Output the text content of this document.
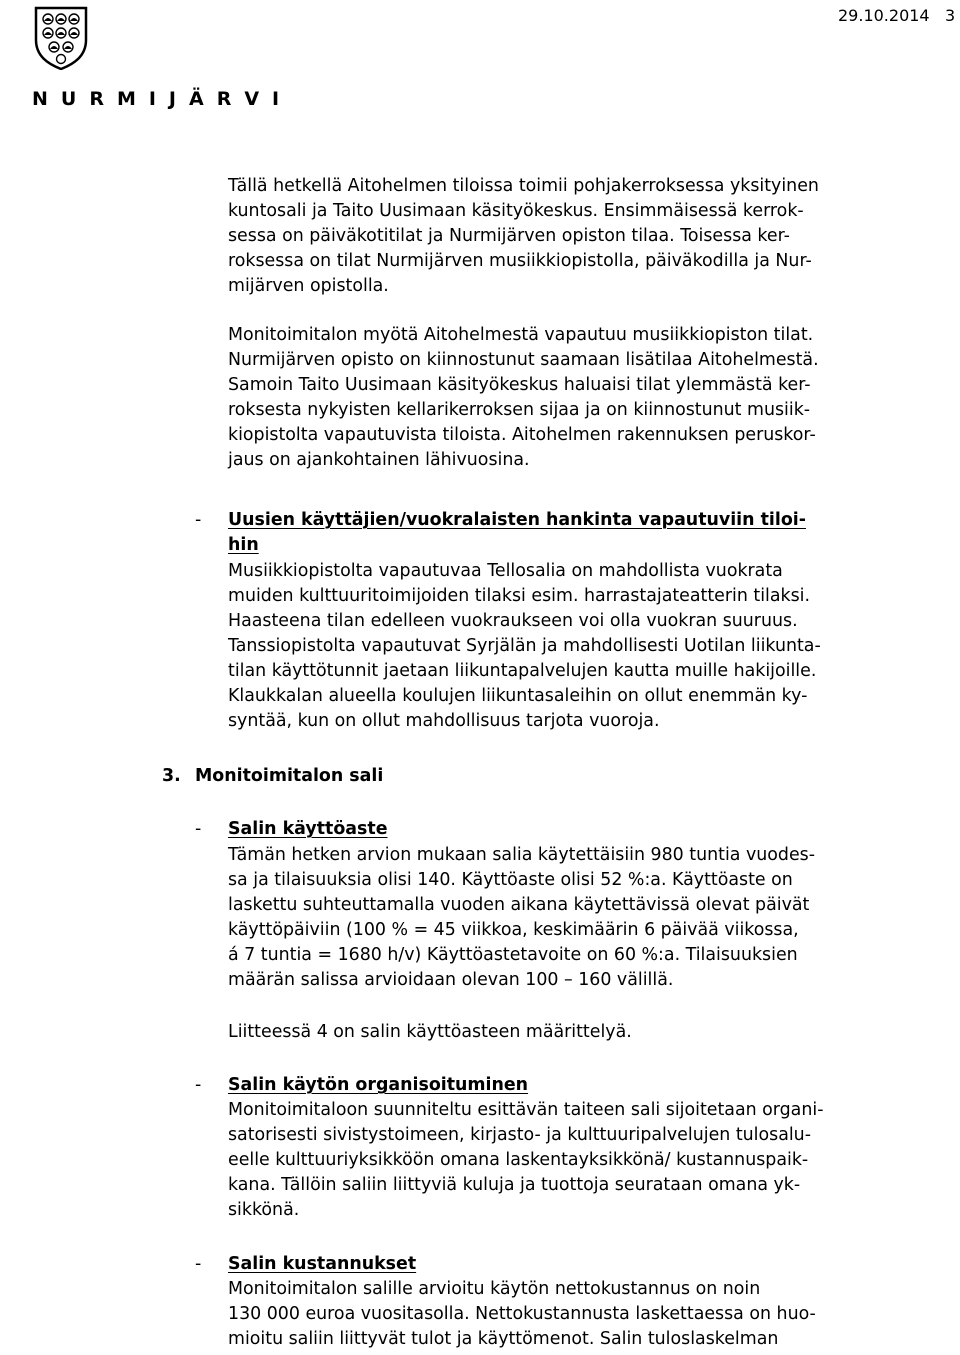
NURMIJÄRVI
29.10.2014 3
Tällä hetkellä Aitohelmen tiloissa toimii pohjakerroksessa yksityinen
kuntosali ja Taito Uusimaan käsityökeskus. Ensimmäisessä kerrok-
sessa on päiväkotitilat ja Nurmijärven opiston tilaa. Toisessa ker-
roksessa on tilat Nurmijärven musiikkiopistolla, päiväkodilla ja Nur-
mijärven opistolla.
Monitoimitalon myötä Aitohelmestä vapautuu musiikkiopiston tilat.
Nurmijärven opisto on kiinnostunut saamaan lisätilaa Aitohelmestä.
Samoin Taito Uusimaan käsityökeskus haluaisi tilat ylemmästä ker-
roksesta nykyisten kellarikerroksen sijaa ja on kiinnostunut musiik-
kiopistolta vapautuvista tiloista. Aitohelmen rakennuksen peruskor-
jaus on ajankohtainen lähivuosina.
- Uusien käyttäjien/vuokralaisten hankinta vapautuviin tiloi-
hin
Musiikkiopistolta vapautuvaa Tellosalia on mahdollista vuokrata
muiden kulttuuritoimijoiden tilaksi esim. harrastajateatterin tilaksi.
Haasteena tilan edelleen vuokraukseen voi olla vuokran suuruus.
Tanssiopistolta vapautuvat Syrjälän ja mahdollisesti Uotilan liikunta-
tilan käyttötunnit jaetaan liikuntapalvelujen kautta muille hakijoille.
Klaukkalan alueella koulujen liikuntasaleihin on ollut enemmän ky-
syntää, kun on ollut mahdollisuus tarjota vuoroja.
3. Monitoimitalon sali
- Salin käyttöaste
Tämän hetken arvion mukaan salia käytettäisiin 980 tuntia vuodes-
sa ja tilaisuuksia olisi 140. Käyttöaste olisi 52 %:a. Käyttöaste on
laskettu suhteuttamalla vuoden aikana käytettävissä olevat päivät
käyttöpäiviin (100 % = 45 viikkoa, keskimäärin 6 päivää viikossa,
á 7 tuntia = 1680 h/v) Käyttöastetavoite on 60 %:a. Tilaisuuksien
määrän salissa arvioidaan olevan 100 – 160 välillä.
Liitteessä 4 on salin käyttöasteen määrittelyä.
- Salin käytön organisoituminen
Monitoimitaloon suunniteltu esittävän taiteen sali sijoitetaan organi-
satorisesti sivistystoimeen, kirjasto- ja kulttuuripalvelujen tulosalu-
eelle kulttuuriyksikköön omana laskentayksikkönä/ kustannuspaik-
kana. Tällöin saliin liittyviä kuluja ja tuottoja seurataan omana yk-
sikkönä.
- Salin kustannukset
Monitoimitalon salille arvioitu käytön nettokustannus on noin
130 000 euroa vuositasolla. Nettokustannusta laskettaessa on huo-
mioitu saliin liittyvät tulot ja käyttömenot. Salin tuloslaskelman
